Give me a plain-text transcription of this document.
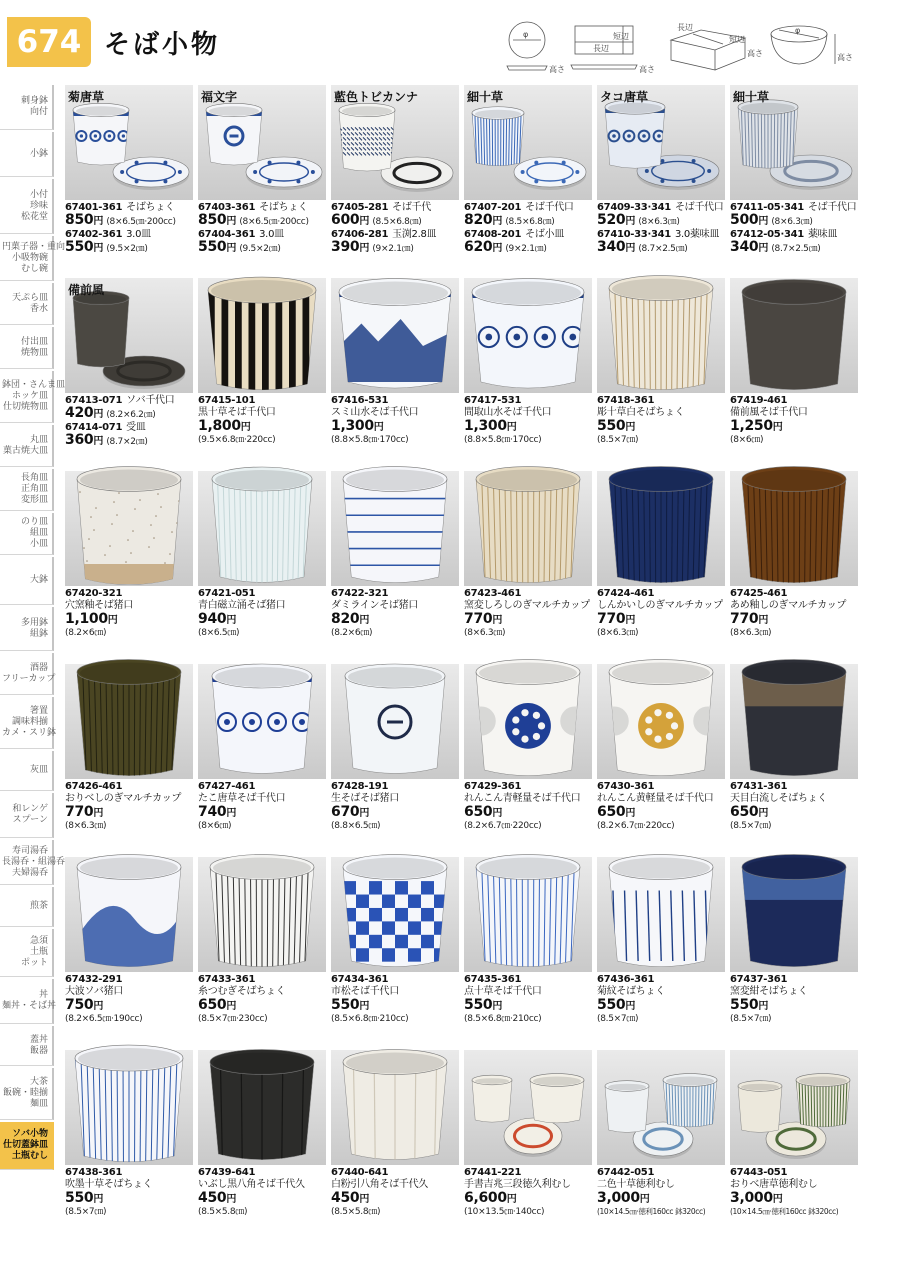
674 そば小物	φ
高さ
短辺
長辺
高さ
長辺
短辺
高さ
φ
高さ
刺身鉢
向付
小鉢
小付
珍味
松花堂
円菓子器・重向
小吸物碗
むし碗
天ぷら皿
香水
付出皿
焼物皿
鉢団・さんま皿
ホッケ皿
仕切焼物皿
丸皿
菓古焼大皿
長角皿
正角皿
変形皿
のり皿
組皿
小皿
大鉢
多用鉢
組鉢
酒器
フリーカップ
箸置
調味料揃
カメ・スリ鉢
灰皿
和レンゲ
スプーン
寿司湯呑
長湯呑・組湯呑
夫婦湯呑
煎茶
急須
土瓶
ポット
丼
麺丼・そば丼
蓋丼
飯器
大茶
飯碗・睦揃
麺皿
ソバ小物
仕切蓋鉢皿
土瓶むし
菊唐草
67401-361 そばちょく
850円 (8×6.5㎝·200cc)
67402-361 3.0皿
550円 (9.5×2㎝)
福文字
67403-361 そばちょく
850円 (8×6.5㎝·200cc)
67404-361 3.0皿
550円 (9.5×2㎝)
藍色トビカンナ
67405-281 そば千代
600円 (8.5×6.8㎝)
67406-281 玉渕2.8皿
390円 (9×2.1㎝)
細十草
67407-201 そば千代口
820円 (8.5×6.8㎝)
67408-201 そば小皿
620円 (9×2.1㎝)
タコ唐草
67409-33·341 そば千代口
520円 (8×6.3㎝)
67410-33·341 3.0薬味皿
340円 (8.7×2.5㎝)
細十草
67411-05·341 そば千代口
500円 (8×6.3㎝)
67412-05·341 薬味皿
340円 (8.7×2.5㎝)
備前風
67413-071 ソバ千代口
420円 (8.2×6.2㎝)
67414-071 受皿
360円 (8.7×2㎝)
67415-101
黒十草そば千代口
1,800円
(9.5×6.8㎝·220cc)
67416-531
スミ山水そば千代口
1,300円
(8.8×5.8㎝·170cc)
67417-531
間取山水そば千代口
1,300円
(8.8×5.8㎝·170cc)
67418-361
彫十草白そばちょく
550円
(8.5×7㎝)
67419-461
備前風そば千代口
1,250円
(8×6㎝)
67420-321
穴窯釉そば猪口
1,100円
(8.2×6㎝)
67421-051
青白磁立涌そば猪口
940円
(8×6.5㎝)
67422-321
ダミラインそば猪口
820円
(8.2×6㎝)
67423-461
窯変しろしのぎマルチカップ
770円
(8×6.3㎝)
67424-461
しんかいしのぎマルチカップ
770円
(8×6.3㎝)
67425-461
あめ釉しのぎマルチカップ
770円
(8×6.3㎝)
67426-461
おりべしのぎマルチカップ
770円
(8×6.3㎝)
67427-461
たこ唐草そば千代口
740円
(8×6㎝)
67428-191
生そばそば猪口
670円
(8.8×6.5㎝)
67429-361
れんこん青軽量そば千代口
650円
(8.2×6.7㎝·220cc)
67430-361
れんこん黄軽量そば千代口
650円
(8.2×6.7㎝·220cc)
67431-361
天目白流しそばちょく
650円
(8.5×7㎝)
67432-291
大波ソバ猪口
750円
(8.2×6.5㎝·190cc)
67433-361
糸つむぎそばちょく
650円
(8.5×7㎝·230cc)
67434-361
市松そば千代口
550円
(8.5×6.8㎝·210cc)
67435-361
点十草そば千代口
550円
(8.5×6.8㎝·210cc)
67436-361
菊紋そばちょく
550円
(8.5×7㎝)
67437-361
窯変紺そばちょく
550円
(8.5×7㎝)
67438-361
吹墨十草そばちょく
550円
(8.5×7㎝)
67439-641
いぶし黒八角そば千代久
450円
(8.5×5.8㎝)
67440-641
白粉引八角そば千代久
450円
(8.5×5.8㎝)
67441-221
手書吉兆三段徳久利むし
6,600円
(10×13.5㎝·140cc)
67442-051
二色十草徳利むし
3,000円
(10×14.5㎝·徳利160cc 鉢320cc)
67443-051
おりべ唐草徳利むし
3,000円
(10×14.5㎝·徳利160cc 鉢320cc)
